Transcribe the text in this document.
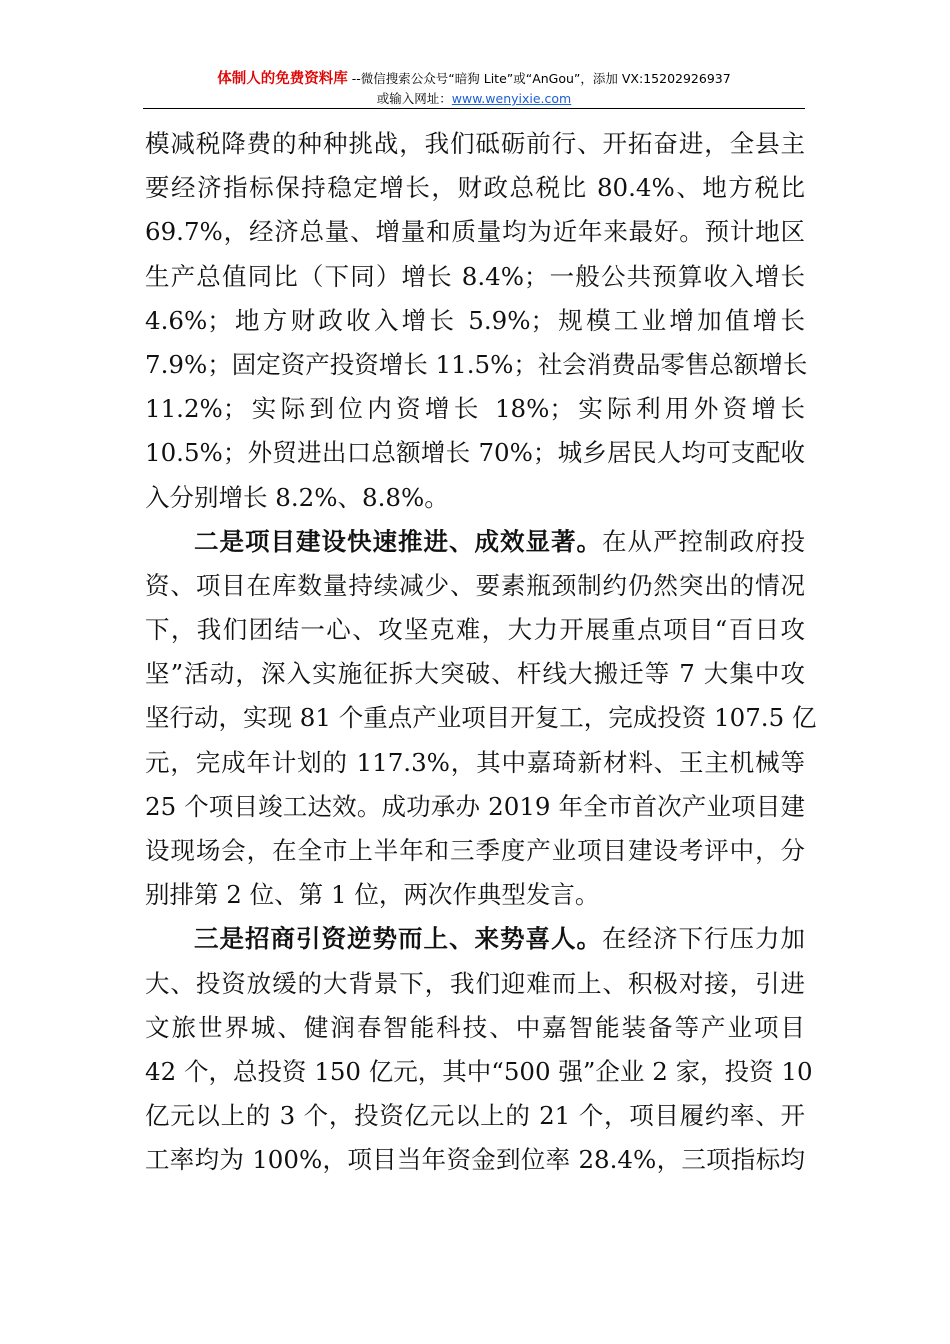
体制人的免费资料库 --微信搜索公众号“暗狗 Lite”或“AnGou”，添加 VX:15202926937
或输入网址：www.wenyixie.com
模减税降费的种种挑战，我们砥砺前行、开拓奋进，全县主
要经济指标保持稳定增长，财政总税比 80.4%、地方税比
69.7%，经济总量、增量和质量均为近年来最好。预计地区
生产总值同比（下同）增长 8.4%；一般公共预算收入增长
4.6%；地方财政收入增长 5.9%；规模工业增加值增长
7.9%；固定资产投资增长 11.5%；社会消费品零售总额增长
11.2%；实际到位内资增长 18%；实际利用外资增长
10.5%；外贸进出口总额增长 70%；城乡居民人均可支配收
入分别增长 8.2%、8.8%。
二是项目建设快速推进、成效显著。在从严控制政府投
资、项目在库数量持续减少、要素瓶颈制约仍然突出的情况
下，我们团结一心、攻坚克难，大力开展重点项目“百日攻
坚”活动，深入实施征拆大突破、杆线大搬迁等 7 大集中攻
坚行动，实现 81 个重点产业项目开复工，完成投资 107.5 亿
元，完成年计划的 117.3%，其中嘉琦新材料、王主机械等
25 个项目竣工达效。成功承办 2019 年全市首次产业项目建
设现场会，在全市上半年和三季度产业项目建设考评中，分
别排第 2 位、第 1 位，两次作典型发言。
三是招商引资逆势而上、来势喜人。在经济下行压力加
大、投资放缓的大背景下，我们迎难而上、积极对接，引进
文旅世界城、健润春智能科技、中嘉智能装备等产业项目
42 个，总投资 150 亿元，其中“500 强”企业 2 家，投资 10
亿元以上的 3 个，投资亿元以上的 21 个，项目履约率、开
工率均为 100%，项目当年资金到位率 28.4%，三项指标均
